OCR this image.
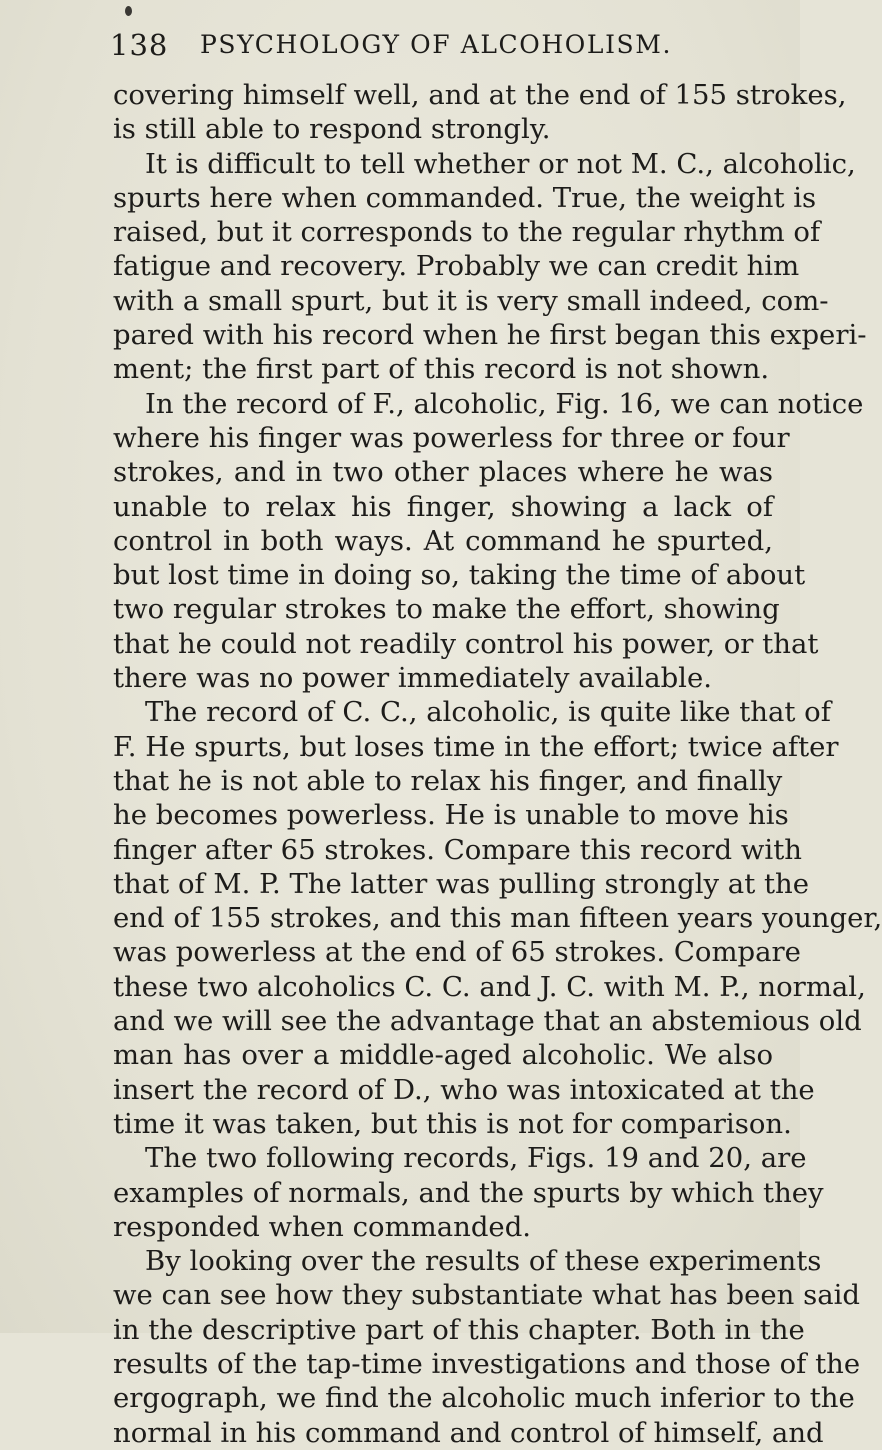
138 PSYCHOLOGY OF ALCOHOLISM.
covering himself well, and at the end of 155 strokes,
is still able to respond strongly.
It is difficult to tell whether or not M. C., alcoholic,
spurts here when commanded. True, the weight is
raised, but it corresponds to the regular rhythm of
fatigue and recovery. Probably we can credit him
with a small spurt, but it is very small indeed, com-
pared with his record when he first began this experi-
ment; the first part of this record is not shown.
In the record of F., alcoholic, Fig. 16, we can notice
where his finger was powerless for three or four
strokes, and in two other places where he was
unable to relax his finger, showing a lack of
control in both ways. At command he spurted,
but lost time in doing so, taking the time of about
two regular strokes to make the effort, showing
that he could not readily control his power, or that
there was no power immediately available.
The record of C. C., alcoholic, is quite like that of
F. He spurts, but loses time in the effort; twice after
that he is not able to relax his finger, and finally
he becomes powerless. He is unable to move his
finger after 65 strokes. Compare this record with
that of M. P. The latter was pulling strongly at the
end of 155 strokes, and this man fifteen years younger,
was powerless at the end of 65 strokes. Compare
these two alcoholics C. C. and J. C. with M. P., normal,
and we will see the advantage that an abstemious old
man has over a middle-aged alcoholic. We also
insert the record of D., who was intoxicated at the
time it was taken, but this is not for comparison.
The two following records, Figs. 19 and 20, are
examples of normals, and the spurts by which they
responded when commanded.
By looking over the results of these experiments
we can see how they substantiate what has been said
in the descriptive part of this chapter. Both in the
results of the tap-time investigations and those of the
ergograph, we find the alcoholic much inferior to the
normal in his command and control of himself, and
